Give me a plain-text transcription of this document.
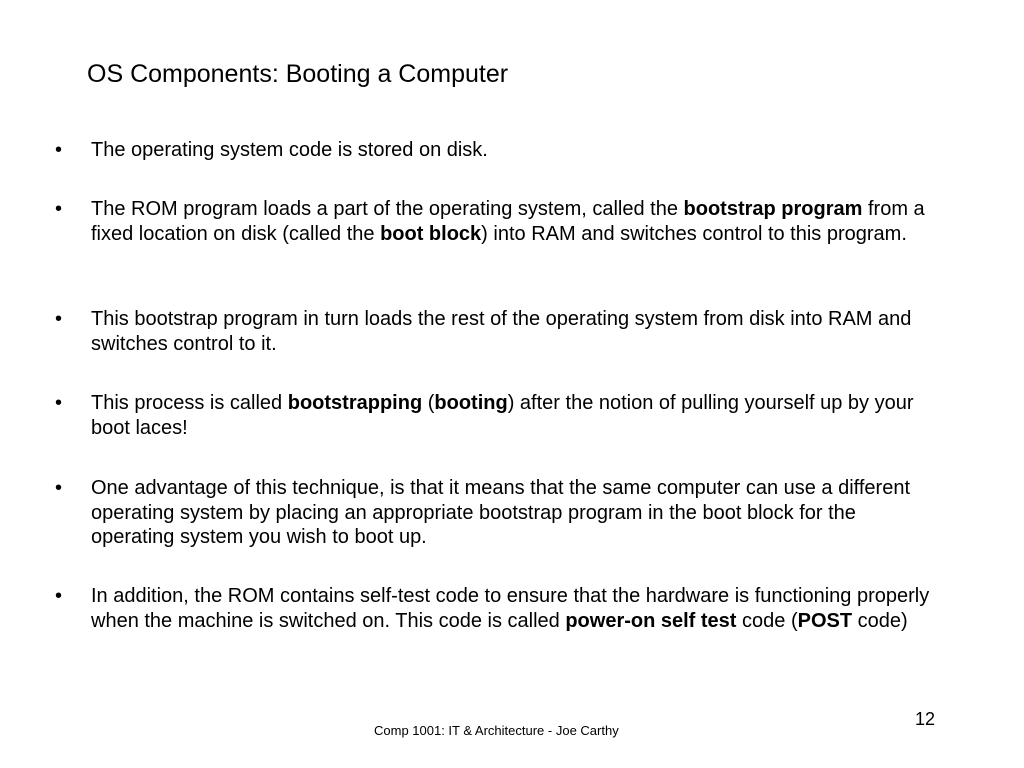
OS Components: Booting a Computer
• The operating system code is stored on disk.
• The ROM program loads a part of the operating system, called the bootstrap program from a fixed location on disk (called the boot block) into RAM and switches control to this program.
• This bootstrap program in turn loads the rest of the operating system from disk into RAM and switches control to it.
• This process is called bootstrapping (booting) after the notion of pulling yourself up by your boot laces!
• One advantage of this technique, is that it means that the same computer can use a different operating system by placing an appropriate bootstrap program in the boot block for the operating system you wish to boot up.
• In addition, the ROM contains self-test code to ensure that the hardware is functioning properly when the machine is switched on. This code is called power-on self test code (POST code)
Comp 1001: IT & Architecture - Joe Carthy
12
